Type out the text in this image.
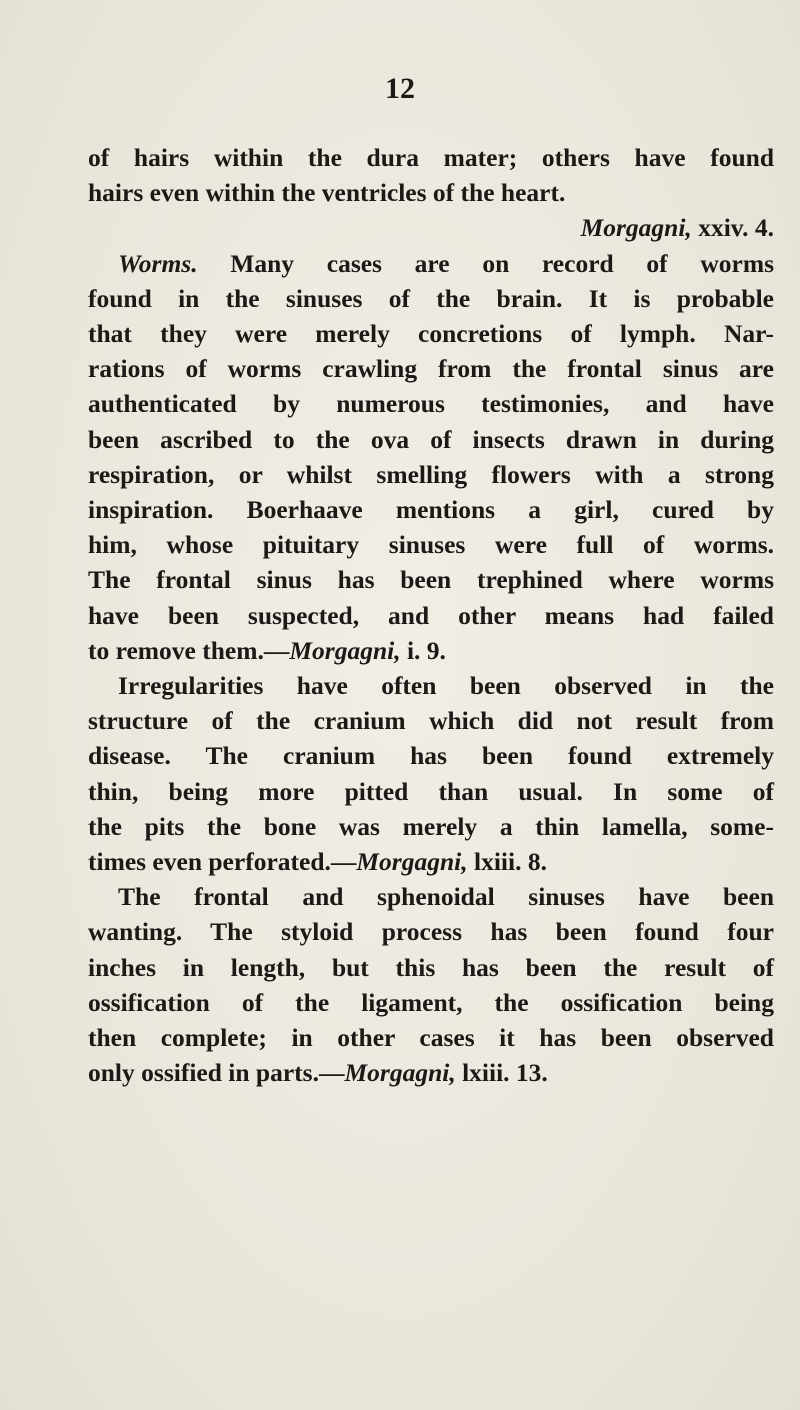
12
of hairs within the dura mater; others have found
hairs even within the ventricles of the heart.
Morgagni, xxiv. 4.
Worms. Many cases are on record of worms
found in the sinuses of the brain. It is probable
that they were merely concretions of lymph. Nar-
rations of worms crawling from the frontal sinus are
authenticated by numerous testimonies, and have
been ascribed to the ova of insects drawn in during
respiration, or whilst smelling flowers with a strong
inspiration. Boerhaave mentions a girl, cured by
him, whose pituitary sinuses were full of worms.
The frontal sinus has been trephined where worms
have been suspected, and other means had failed
to remove them.—Morgagni, i. 9.
Irregularities have often been observed in the
structure of the cranium which did not result from
disease. The cranium has been found extremely
thin, being more pitted than usual. In some of
the pits the bone was merely a thin lamella, some-
times even perforated.—Morgagni, lxiii. 8.
The frontal and sphenoidal sinuses have been
wanting. The styloid process has been found four
inches in length, but this has been the result of
ossification of the ligament, the ossification being
then complete; in other cases it has been observed
only ossified in parts.—Morgagni, lxiii. 13.
